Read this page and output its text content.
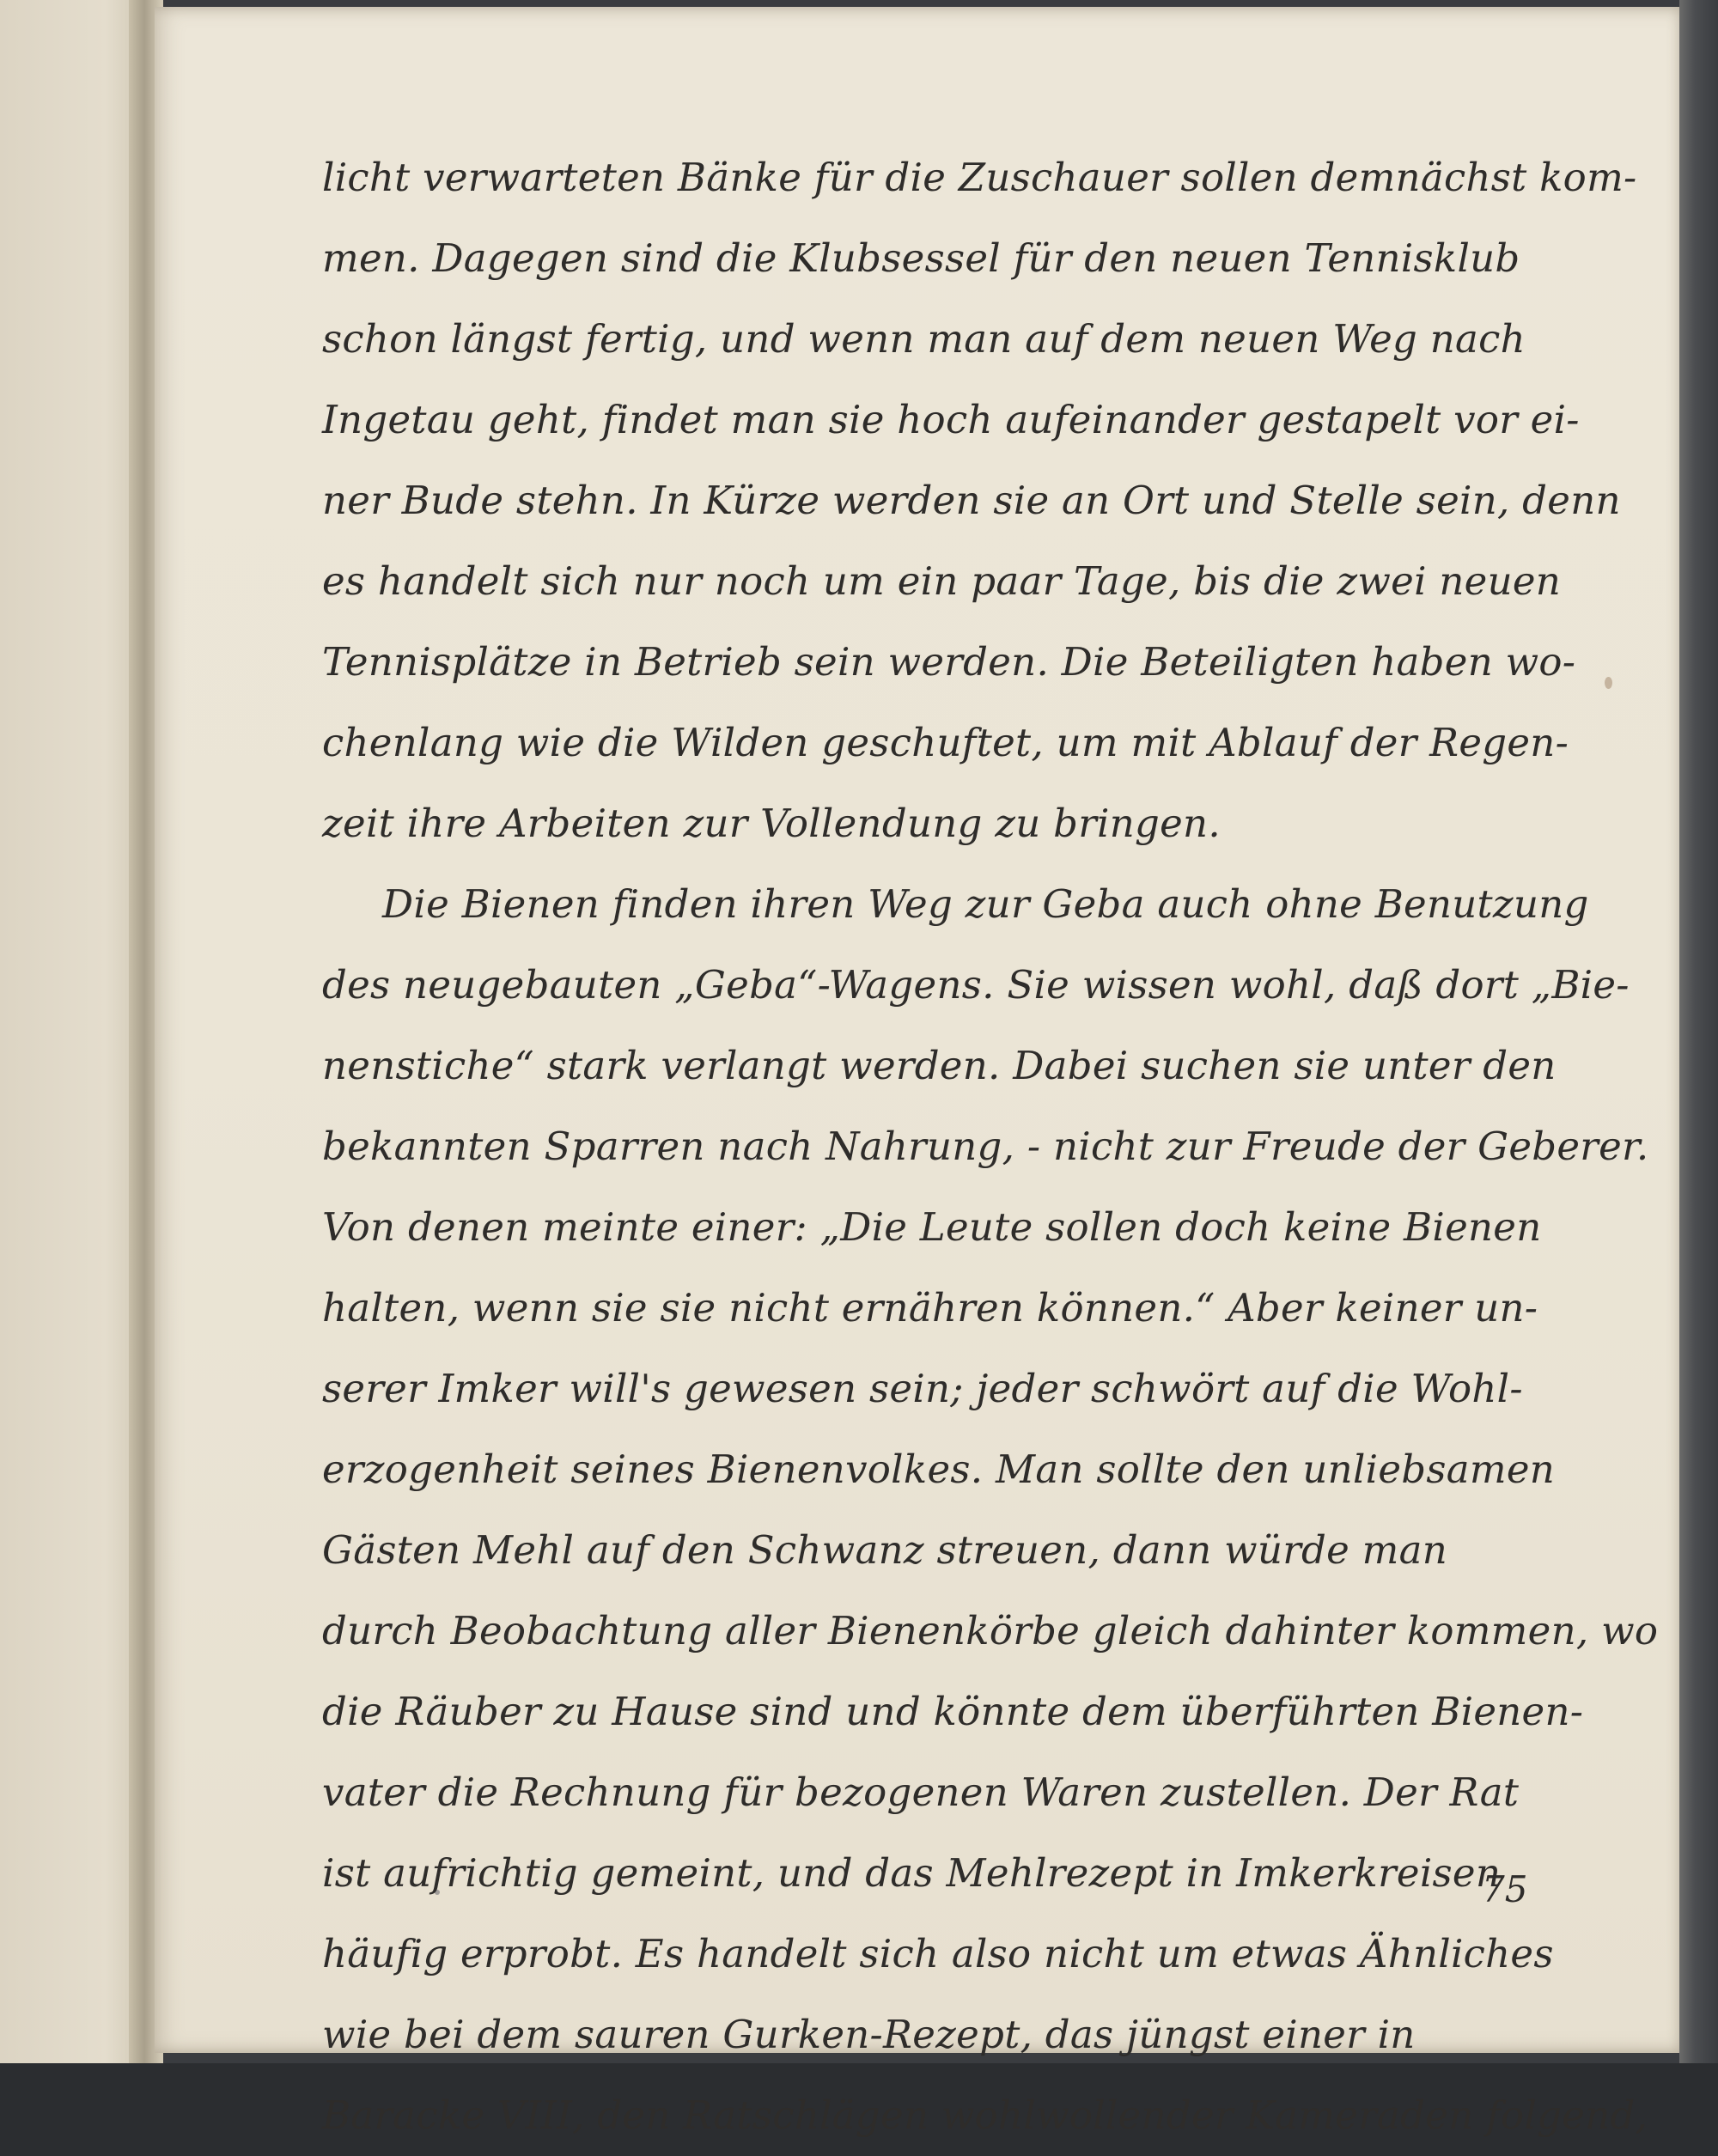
licht verwarteten Bänke für die Zuschauer sollen demnächst kom-
men. Dagegen sind die Klubsessel für den neuen Tennisklub
schon längst fertig, und wenn man auf dem neuen Weg nach
Ingetau geht, findet man sie hoch aufeinander gestapelt vor ei-
ner Bude stehn. In Kürze werden sie an Ort und Stelle sein, denn
es handelt sich nur noch um ein paar Tage, bis die zwei neuen
Tennisplätze in Betrieb sein werden. Die Beteiligten haben wo-
chenlang wie die Wilden geschuftet, um mit Ablauf der Regen-
zeit ihre Arbeiten zur Vollendung zu bringen.
Die Bienen finden ihren Weg zur Geba auch ohne Benutzung
des neugebauten „Geba“-Wagens. Sie wissen wohl, daß dort „Bie-
nenstiche“ stark verlangt werden. Dabei suchen sie unter den
bekannten Sparren nach Nahrung, - nicht zur Freude der Geberer.
Von denen meinte einer: „Die Leute sollen doch keine Bienen
halten, wenn sie sie nicht ernähren können.“ Aber keiner un-
serer Imker will's gewesen sein; jeder schwört auf die Wohl-
erzogenheit seines Bienenvolkes. Man sollte den unliebsamen
Gästen Mehl auf den Schwanz streuen, dann würde man
durch Beobachtung aller Bienenkörbe gleich dahinter kommen, wo
die Räuber zu Hause sind und könnte dem überführten Bienen-
vater die Rechnung für bezogenen Waren zustellen. Der Rat
ist aufrichtig gemeint, und das Mehlrezept in Imkerkreisen
häufig erprobt. Es handelt sich also nicht um etwas Ähnliches
wie bei dem sauren Gurken-Rezept, das jüngst einer in
Baracke VIII, den Ratschlägen wohlwollender Kameraden folgend,
75
